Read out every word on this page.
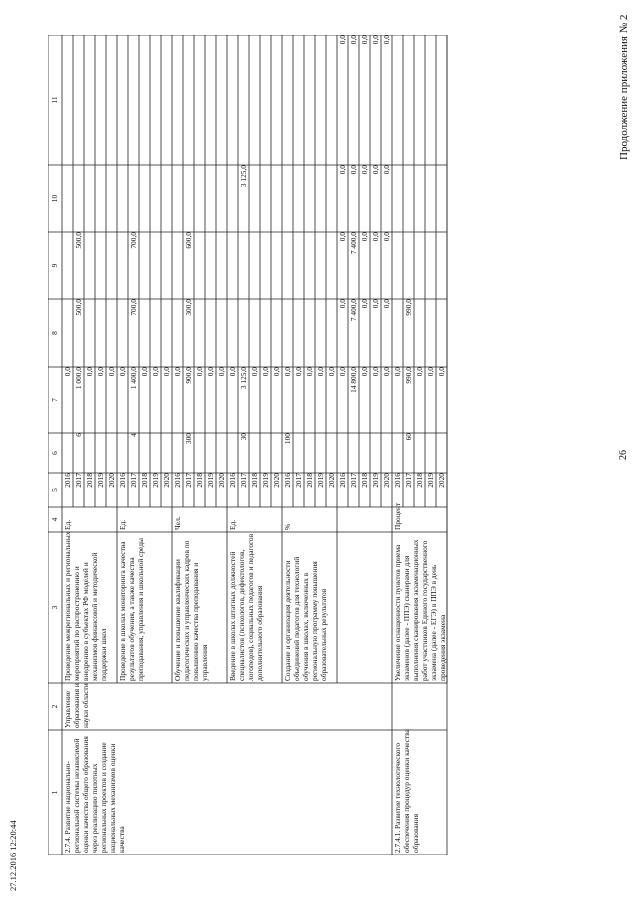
26
Продолжение приложения № 2
27.12.2016 12:20:44
1
2
3
4
5
6
7
8
9
10
11
2016
0,0
2017
6
1 000,0
500,0
500,0
2018
0,0
2019
0,0
2020
0,0
Проведение межрегиональных и региональных мероприятий по распространению и внедрению в субъектах РФ моделей и механизмов финансовой и методической поддержки школ
Ед.
2016
0,0
2017
4
1 400,0
700,0
700,0
2018
0,0
2019
0,0
2020
0,0
Проведение в школах мониторинга качества результатов обучения, а также качества преподавания, управления и школьной среды
Ед.
2016
0,0
2017
300
900,0
300,0
600,0
2018
0,0
2019
0,0
2020
0,0
Обучение и повышение квалификации педагогических и управленческих кадров по повышению качества преподавания и управления
Чел.
2016
0,0
2017
30
3 125,0
3 125,0
2018
0,0
2019
0,0
2020
0,0
Введение в школах штатных должностей специалистов (психологов, дефектологов, логопедов), социальных педагогов и педагогов дополнительного образования
Ед.
2016
100
0,0
2017
0,0
2018
0,0
2019
0,0
2020
0,0
Создание и организация деятельности объединений педагогов для технологий обучения в школах, включенных в региональную программу повышения образовательных результатов
%
2016
0,0
0,0
0,0
0,0
0,0
2017
14 800,0
7 400,0
7 400,0
0,0
0,0
2018
0,0
0,0
0,0
0,0
0,0
2019
0,0
0,0
0,0
0,0
0,0
2020
0,0
0,0
0,0
0,0
0,0
2.7.4. Развитие национально-региональной системы независимой оценки качества общего образования через реализацию пилотных региональных проектов и создание национальных механизмов оценки качества
Управление образования и науки области
2016
0,0
2017
60
990,0
990,0
2018
0,0
2019
0,0
2020
0,0
Увеличение оснащенности пунктов приема экзаменов (далее - ППЭ) сканерами для выполнения сканирования экзаменационных работ участников Единого государственного экзамена (далее - ЕГЭ) в ППЭ в день проведения экзамена
Процент
2.7.4.1. Развитие технологического обеспечения процедур оценки качества образования
